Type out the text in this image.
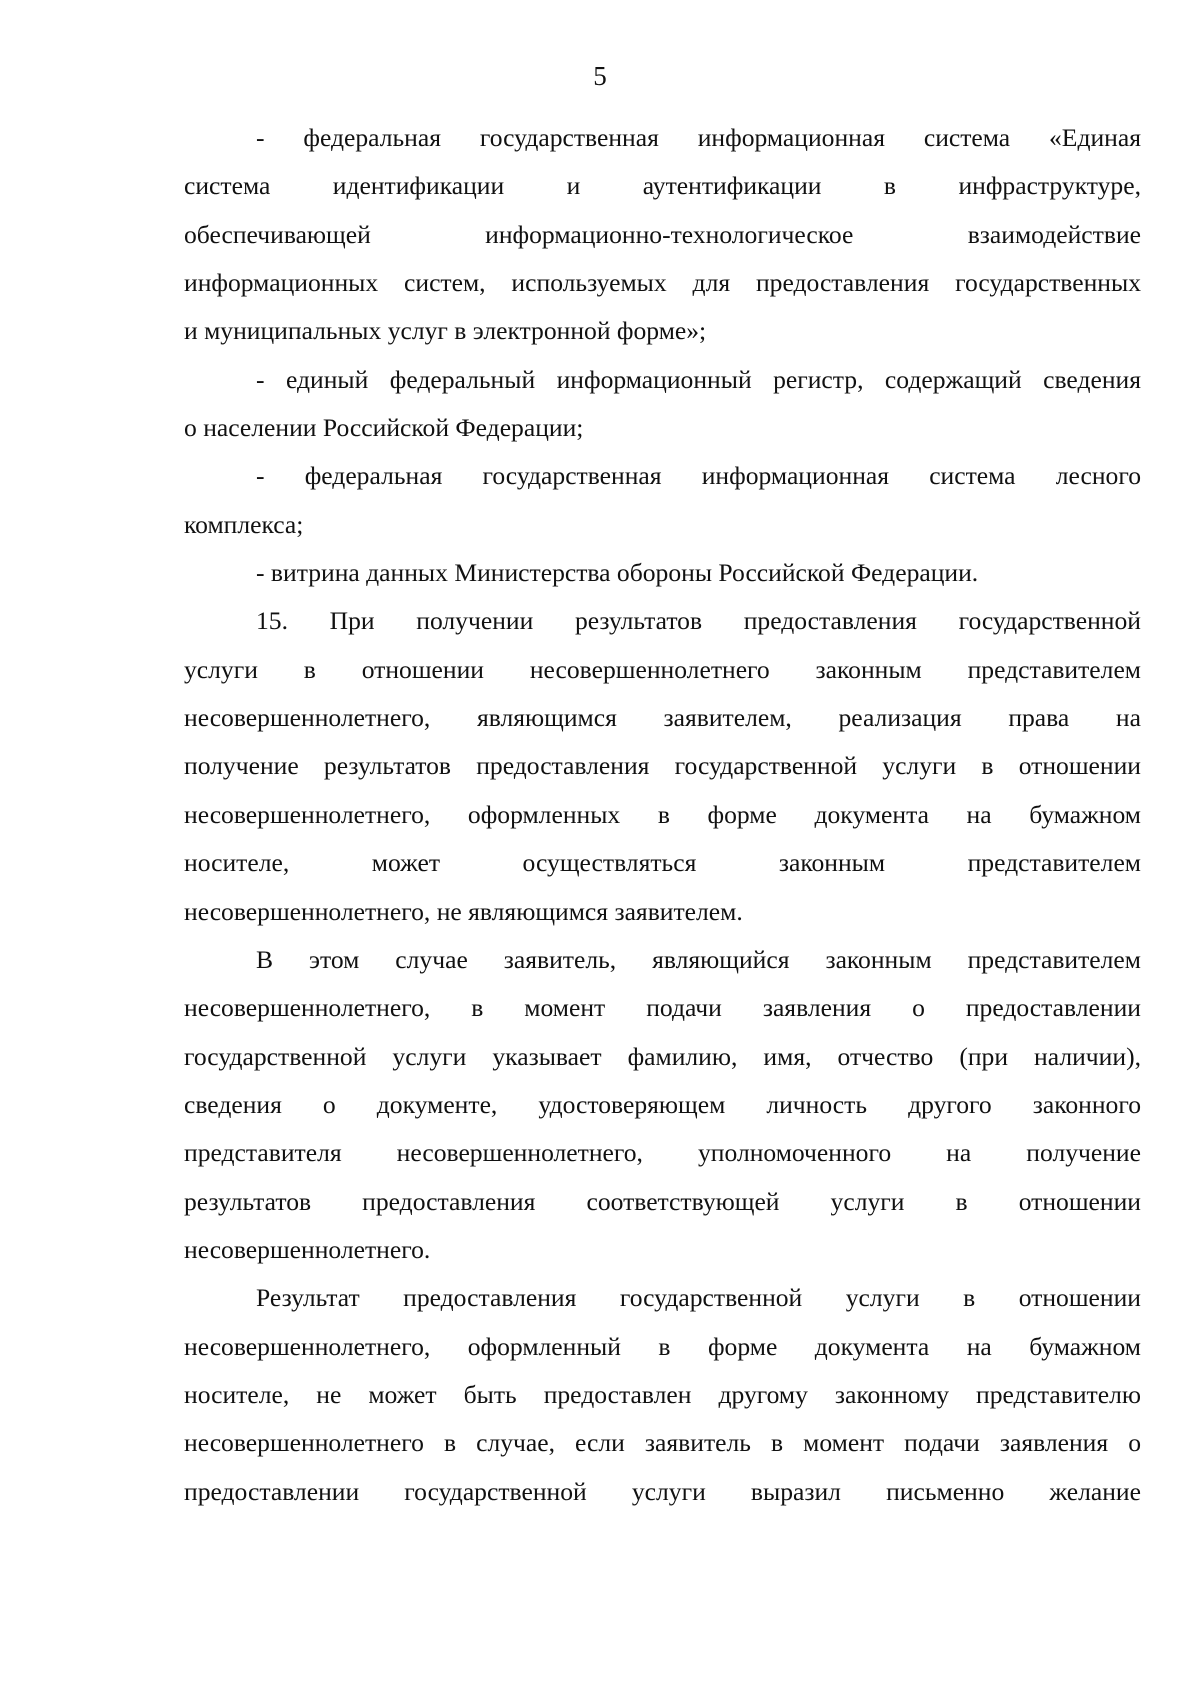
5
- федеральная государственная информационная система «Единая
система идентификации и аутентификации в инфраструктуре,
обеспечивающей информационно-технологическое взаимодействие
информационных систем, используемых для предоставления государственных
и муниципальных услуг в электронной форме»;
- единый федеральный информационный регистр, содержащий сведения
о населении Российской Федерации;
- федеральная государственная информационная система лесного
комплекса;
- витрина данных Министерства обороны Российской Федерации.
15. При получении результатов предоставления государственной
услуги в отношении несовершеннолетнего законным представителем
несовершеннолетнего, являющимся заявителем, реализация права на
получение результатов предоставления государственной услуги в отношении
несовершеннолетнего, оформленных в форме документа на бумажном
носителе, может осуществляться законным представителем
несовершеннолетнего, не являющимся заявителем.
В этом случае заявитель, являющийся законным представителем
несовершеннолетнего, в момент подачи заявления о предоставлении
государственной услуги указывает фамилию, имя, отчество (при наличии),
сведения о документе, удостоверяющем личность другого законного
представителя несовершеннолетнего, уполномоченного на получение
результатов предоставления соответствующей услуги в отношении
несовершеннолетнего.
Результат предоставления государственной услуги в отношении
несовершеннолетнего, оформленный в форме документа на бумажном
носителе, не может быть предоставлен другому законному представителю
несовершеннолетнего в случае, если заявитель в момент подачи заявления о
предоставлении государственной услуги выразил письменно желание
